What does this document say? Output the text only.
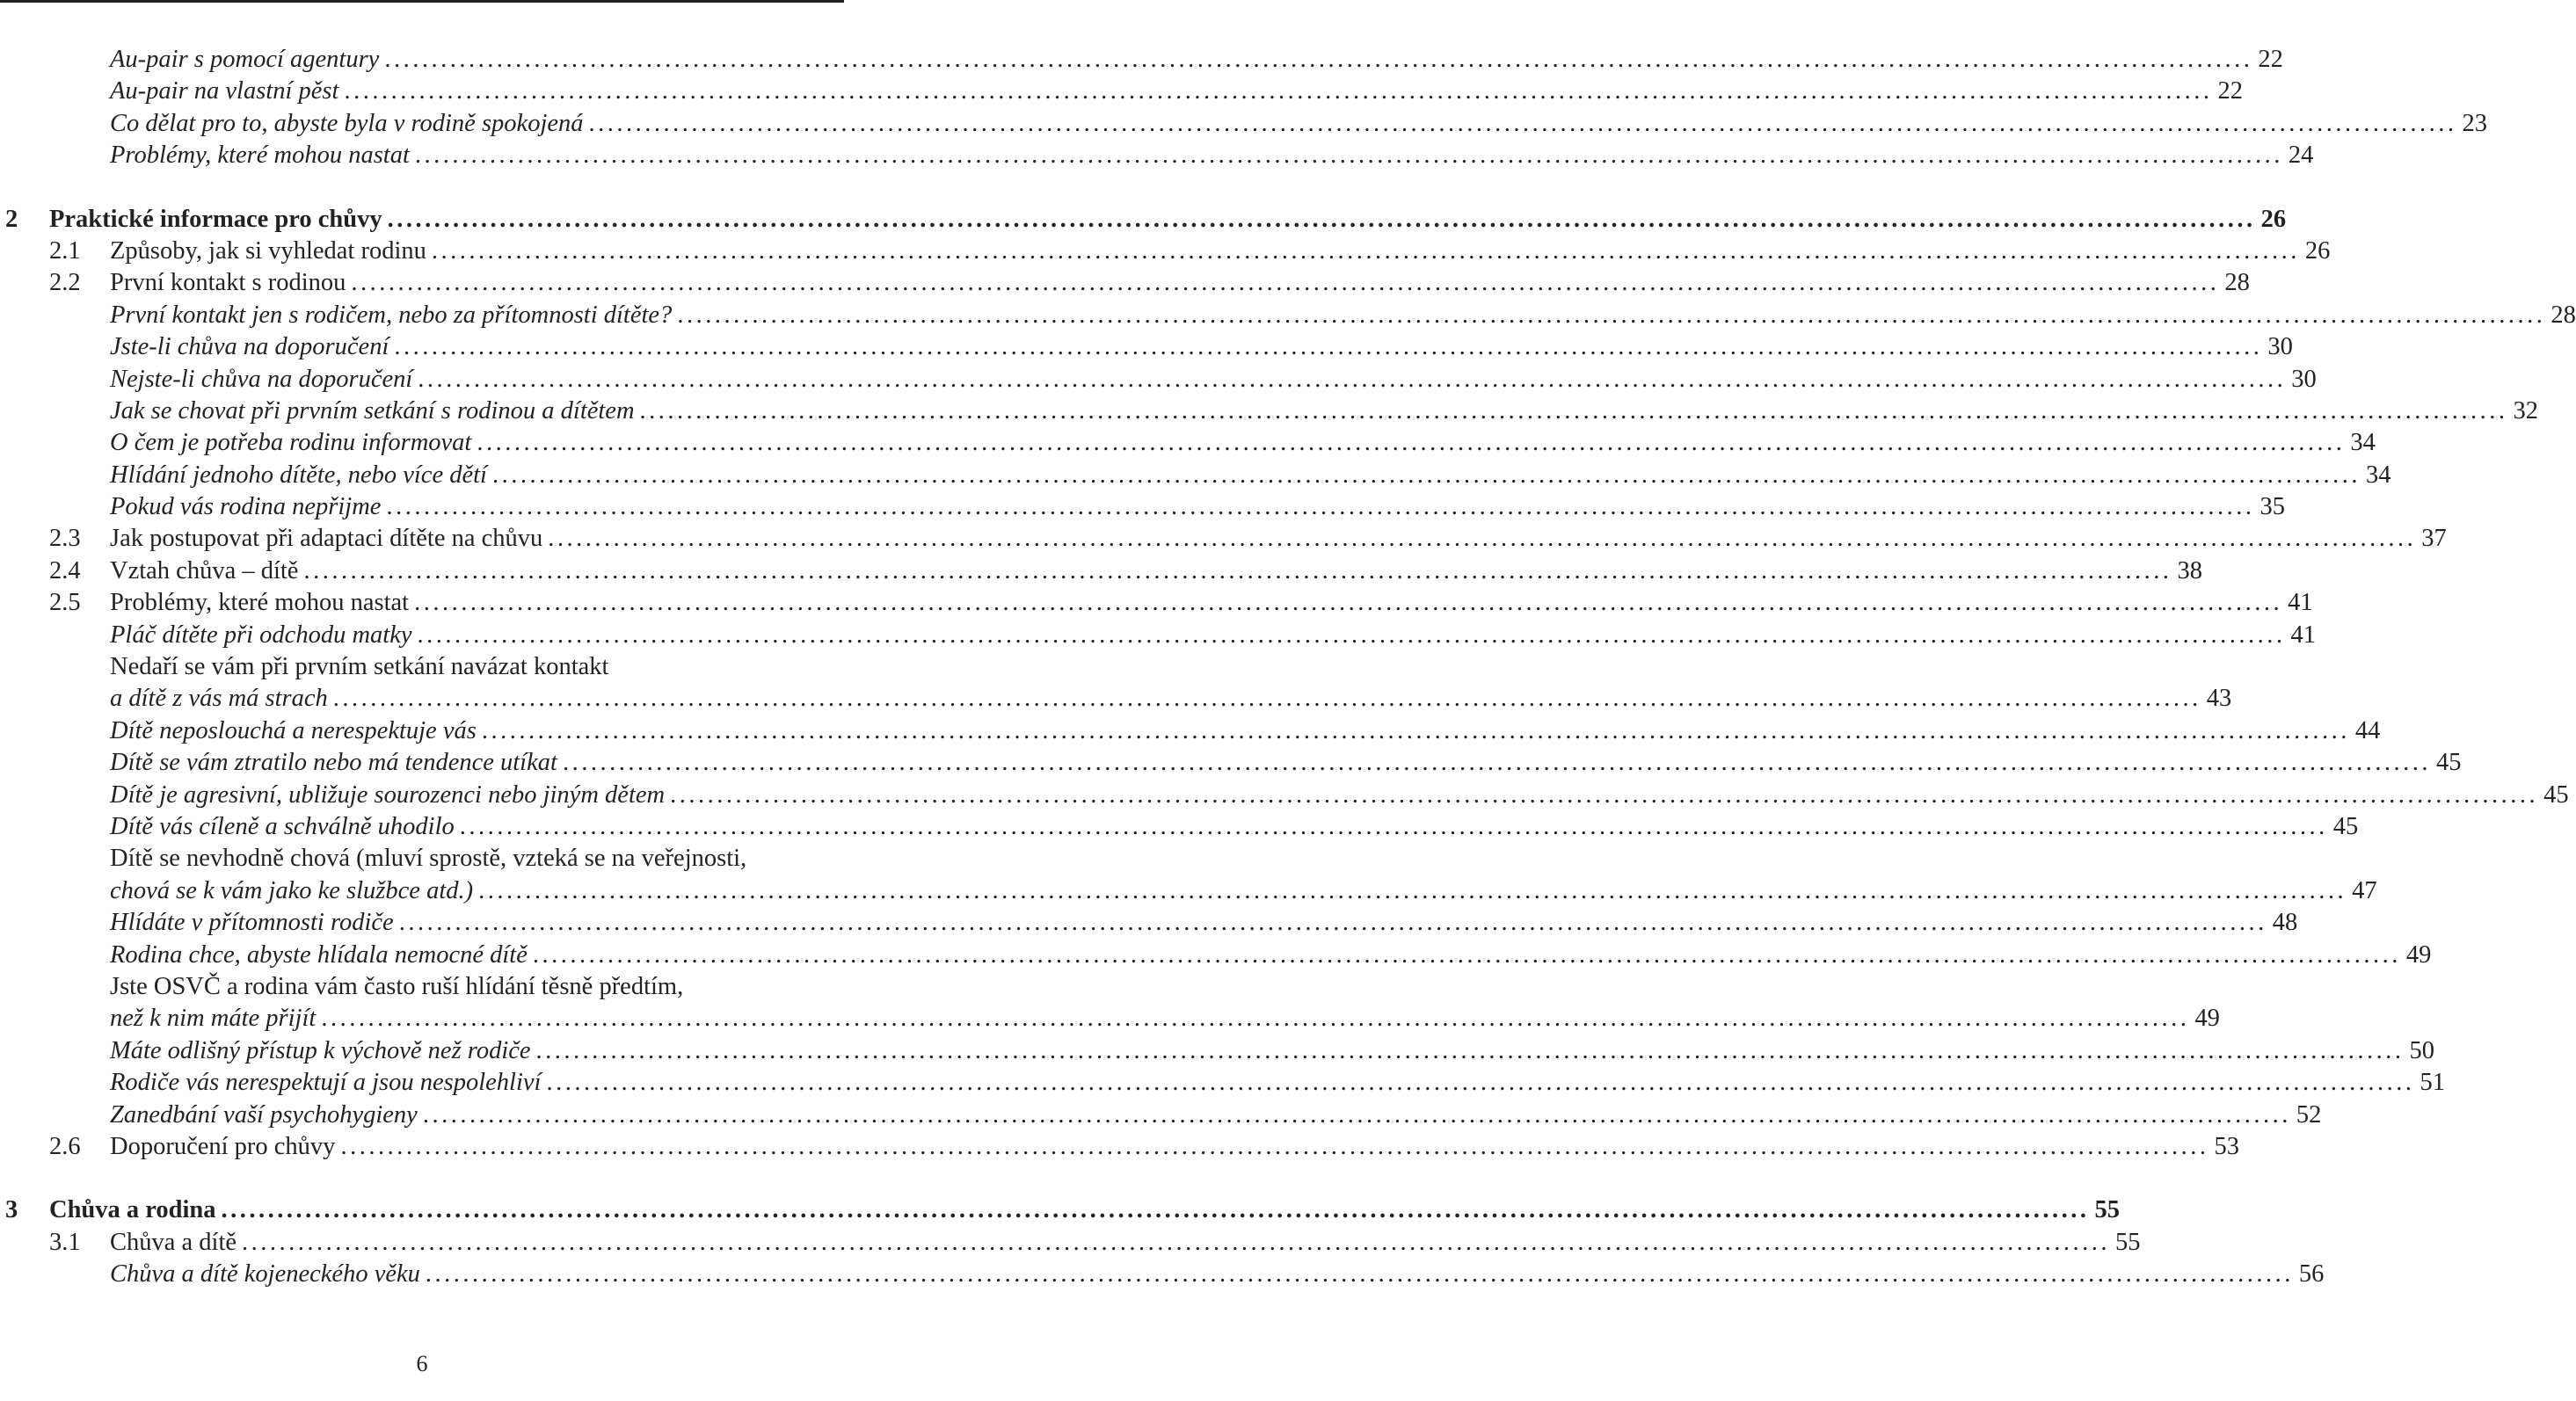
Au-pair s pomocí agentury ........................................................................................................................................................................................................ 22
Au-pair na vlastní pěst ........................................................................................................................................................................................................ 22
Co dělat pro to, abyste byla v rodině spokojená ........................................................................................................................................................................................................ 23
Problémy, které mohou nastat ........................................................................................................................................................................................................ 24
2 Praktické informace pro chůvy ........................................................................................................................................................................................................ 26
2.1 Způsoby, jak si vyhledat rodinu ........................................................................................................................................................................................................ 26
2.2 První kontakt s rodinou ........................................................................................................................................................................................................ 28
První kontakt jen s rodičem, nebo za přítomnosti dítěte? ........................................................................................................................................................................................................ 28
Jste-li chůva na doporučení ........................................................................................................................................................................................................ 30
Nejste-li chůva na doporučení ........................................................................................................................................................................................................ 30
Jak se chovat při prvním setkání s rodinou a dítětem ........................................................................................................................................................................................................ 32
O čem je potřeba rodinu informovat ........................................................................................................................................................................................................ 34
Hlídání jednoho dítěte, nebo více dětí ........................................................................................................................................................................................................ 34
Pokud vás rodina nepřijme ........................................................................................................................................................................................................ 35
2.3 Jak postupovat při adaptaci dítěte na chůvu ........................................................................................................................................................................................................ 37
2.4 Vztah chůva – dítě ........................................................................................................................................................................................................ 38
2.5 Problémy, které mohou nastat ........................................................................................................................................................................................................ 41
Pláč dítěte při odchodu matky ........................................................................................................................................................................................................ 41
Nedaří se vám při prvním setkání navázat kontakt
a dítě z vás má strach ........................................................................................................................................................................................................ 43
Dítě neposlouchá a nerespektuje vás ........................................................................................................................................................................................................ 44
Dítě se vám ztratilo nebo má tendence utíkat ........................................................................................................................................................................................................ 45
Dítě je agresivní, ubližuje sourozenci nebo jiným dětem ........................................................................................................................................................................................................ 45
Dítě vás cíleně a schválně uhodilo ........................................................................................................................................................................................................ 45
Dítě se nevhodně chová (mluví sprostě, vzteká se na veřejnosti,
chová se k vám jako ke službce atd.) ........................................................................................................................................................................................................ 47
Hlídáte v přítomnosti rodiče ........................................................................................................................................................................................................ 48
Rodina chce, abyste hlídala nemocné dítě ........................................................................................................................................................................................................ 49
Jste OSVČ a rodina vám často ruší hlídání těsně předtím,
než k nim máte přijít ........................................................................................................................................................................................................ 49
Máte odlišný přístup k výchově než rodiče ........................................................................................................................................................................................................ 50
Rodiče vás nerespektují a jsou nespolehliví ........................................................................................................................................................................................................ 51
Zanedbání vaší psychohygieny ........................................................................................................................................................................................................ 52
2.6 Doporučení pro chůvy ........................................................................................................................................................................................................ 53
3 Chůva a rodina ........................................................................................................................................................................................................ 55
3.1 Chůva a dítě ........................................................................................................................................................................................................ 55
Chůva a dítě kojeneckého věku ........................................................................................................................................................................................................ 56
6
